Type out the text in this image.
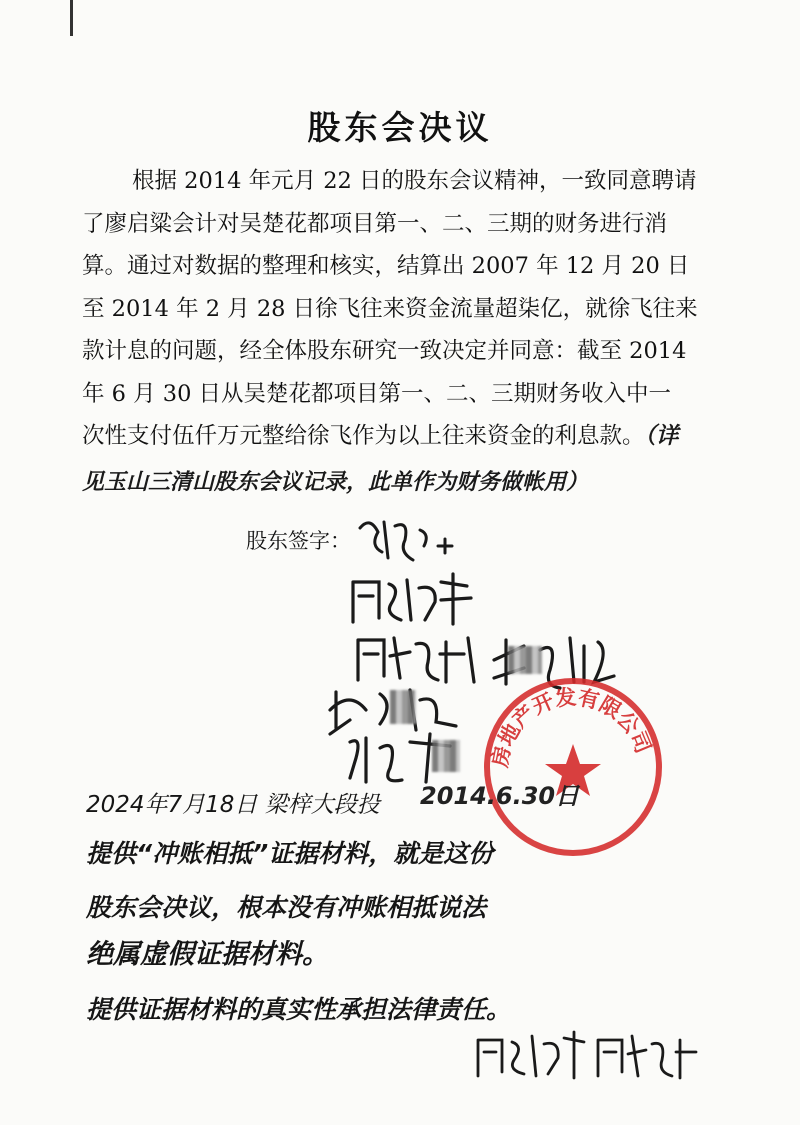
股东会决议
根据 2014 年元月 22 日的股东会议精神，一致同意聘请
了廖启粱会计对吴楚花都项目第一、二、三期的财务进行消
算。通过对数据的整理和核实，结算出 2007 年 12 月 20 日
至 2014 年 2 月 28 日徐飞往来资金流量超柒亿，就徐飞往来
款计息的问题，经全体股东研究一致决定并同意：截至 2014
年 6 月 30 日从吴楚花都项目第一、二、三期财务收入中一
次性支付伍仟万元整给徐飞作为以上往来资金的利息款。（详
见玉山三清山股东会议记录，此单作为财务做帐用）
股东签字：
房地产开发有限公司
2014.6.30日
2024年7月18日 梁梓大段投
提供“冲账相抵”证据材料，就是这份
股东会决议，根本没有冲账相抵说法
绝属虚假证据材料。
提供证据材料的真实性承担法律责任。
